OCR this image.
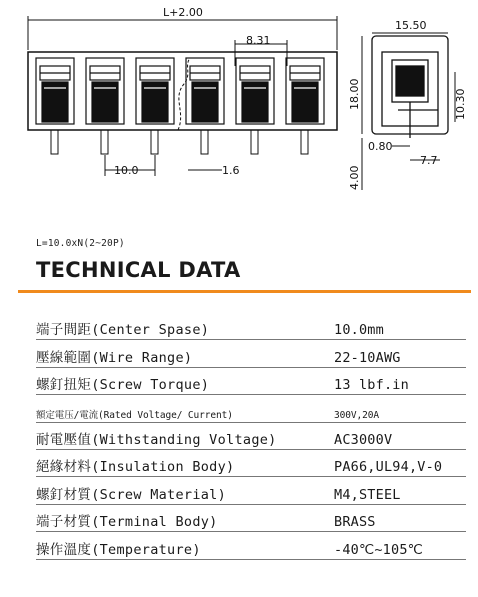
L+2.00
8.31
10.0	1.6
15.50
18.00	10.30
4.00
0.80
7.7
L=10.0xN(2~20P)
TECHNICAL DATA
端子間距(Center Spase)	10.0mm
壓線範圍(Wire Range)	22-10AWG
螺釘扭矩(Screw Torque)	13 lbf.in
額定電压/電流(Rated Voltage/ Current)	300V,20A
耐電壓值(Withstanding Voltage)	AC3000V
絕緣材料(Insulation Body)	PA66,UL94,V-0
螺釘材質(Screw Material)	M4,STEEL
端子材質(Terminal Body)	BRASS
操作溫度(Temperature)	-40℃~105℃
